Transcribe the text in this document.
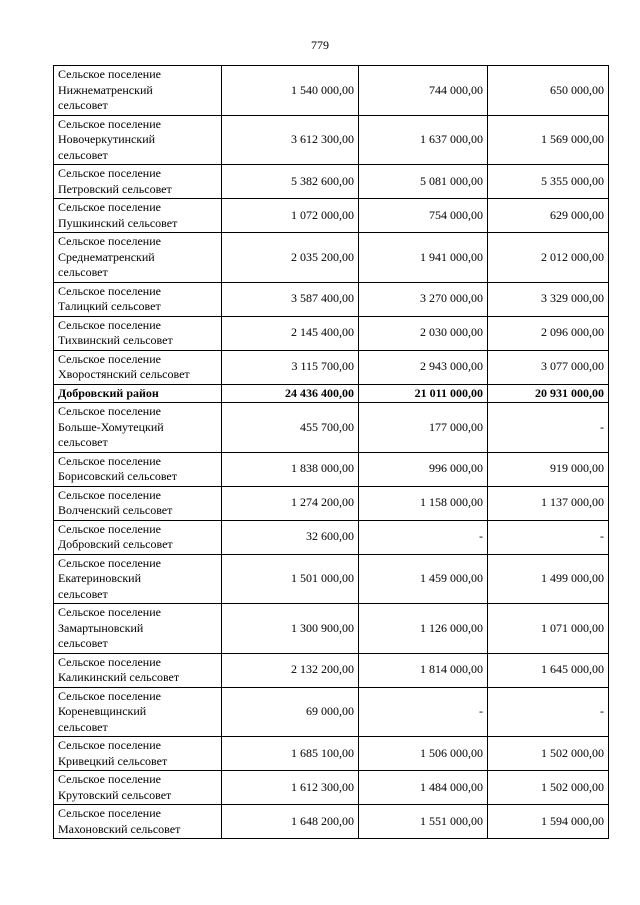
779
Сельское поселение
Нижнематренский
сельсовет	1 540 000,00	744 000,00	650 000,00
Сельское поселение
Новочеркутинский
сельсовет	3 612 300,00	1 637 000,00	1 569 000,00
Сельское поселение
Петровский сельсовет	5 382 600,00	5 081 000,00	5 355 000,00
Сельское поселение
Пушкинский сельсовет	1 072 000,00	754 000,00	629 000,00
Сельское поселение
Среднематренский
сельсовет	2 035 200,00	1 941 000,00	2 012 000,00
Сельское поселение
Талицкий сельсовет	3 587 400,00	3 270 000,00	3 329 000,00
Сельское поселение
Тихвинский сельсовет	2 145 400,00	2 030 000,00	2 096 000,00
Сельское поселение
Хворостянский сельсовет	3 115 700,00	2 943 000,00	3 077 000,00
Добровский район	24 436 400,00	21 011 000,00	20 931 000,00
Сельское поселение
Больше-Хомутецкий
сельсовет	455 700,00	177 000,00	-
Сельское поселение
Борисовский сельсовет	1 838 000,00	996 000,00	919 000,00
Сельское поселение
Волченский сельсовет	1 274 200,00	1 158 000,00	1 137 000,00
Сельское поселение
Добровский сельсовет	32 600,00	-	-
Сельское поселение
Екатериновский
сельсовет	1 501 000,00	1 459 000,00	1 499 000,00
Сельское поселение
Замартыновский
сельсовет	1 300 900,00	1 126 000,00	1 071 000,00
Сельское поселение
Каликинский сельсовет	2 132 200,00	1 814 000,00	1 645 000,00
Сельское поселение
Кореневщинский
сельсовет	69 000,00	-	-
Сельское поселение
Кривецкий сельсовет	1 685 100,00	1 506 000,00	1 502 000,00
Сельское поселение
Крутовский сельсовет	1 612 300,00	1 484 000,00	1 502 000,00
Сельское поселение
Махоновский сельсовет	1 648 200,00	1 551 000,00	1 594 000,00
